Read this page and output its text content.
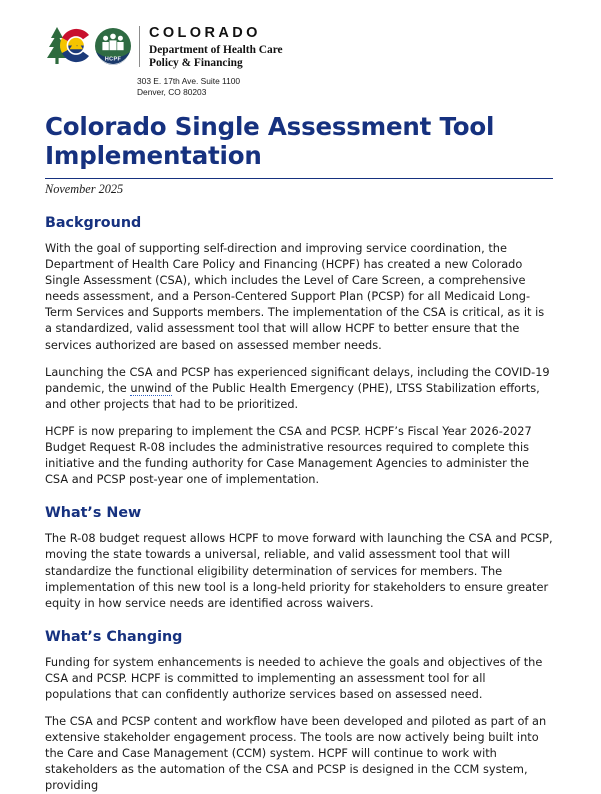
HCPF
COLORADO
Department of Health Care
Policy & Financing
303 E. 17th Ave. Suite 1100
Denver, CO 80203
Colorado Single Assessment Tool Implementation

November 2025

Background

With the goal of supporting self-direction and improving service coordination, the Department of Health Care Policy and Financing (HCPF) has created a new Colorado Single Assessment (CSA), which includes the Level of Care Screen, a comprehensive needs assessment, and a Person-Centered Support Plan (PCSP) for all Medicaid Long-Term Services and Supports members. The implementation of the CSA is critical, as it is a standardized, valid assessment tool that will allow HCPF to better ensure that the services authorized are based on assessed member needs.

Launching the CSA and PCSP has experienced significant delays, including the COVID-19 pandemic, the unwind of the Public Health Emergency (PHE), LTSS Stabilization efforts, and other projects that had to be prioritized.

HCPF is now preparing to implement the CSA and PCSP. HCPF’s Fiscal Year 2026-2027 Budget Request R-08 includes the administrative resources required to complete this initiative and the funding authority for Case Management Agencies to administer the CSA and PCSP post-year one of implementation.

What’s New

The R-08 budget request allows HCPF to move forward with launching the CSA and PCSP, moving the state towards a universal, reliable, and valid assessment tool that will standardize the functional eligibility determination of services for members. The implementation of this new tool is a long-held priority for stakeholders to ensure greater equity in how service needs are identified across waivers.

What’s Changing

Funding for system enhancements is needed to achieve the goals and objectives of the CSA and PCSP. HCPF is committed to implementing an assessment tool for all populations that can confidently authorize services based on assessed need.

The CSA and PCSP content and workflow have been developed and piloted as part of an extensive stakeholder engagement process. The tools are now actively being built into the Care and Case Management (CCM) system. HCPF will continue to work with stakeholders as the automation of the CSA and PCSP is designed in the CCM system, providing
